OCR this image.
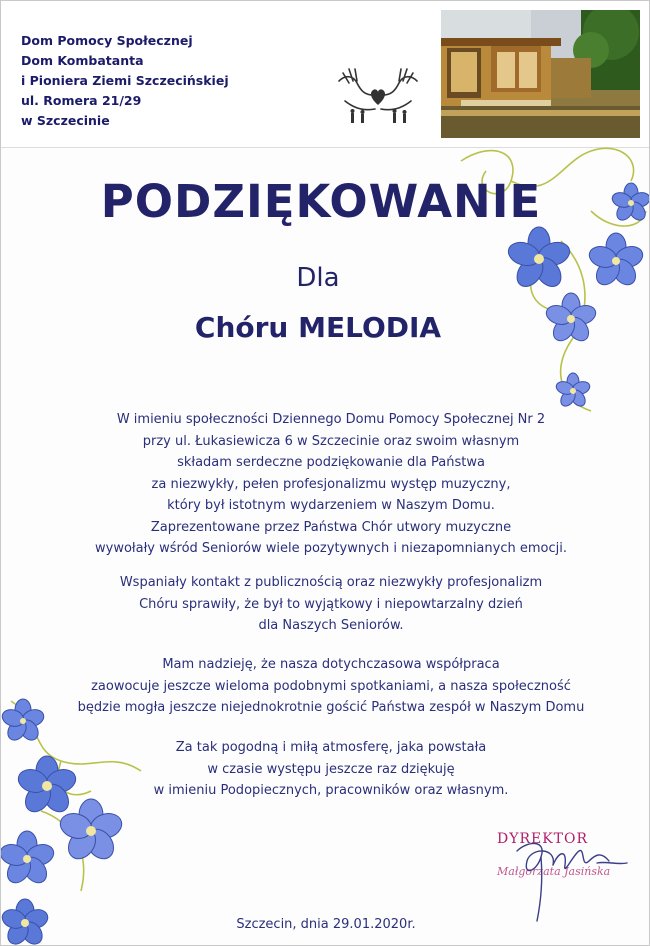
Dom Pomocy Społecznej
Dom Kombatanta
i Pioniera Ziemi Szczecińskiej
ul. Romera 21/29
w Szczecinie
PODZIĘKOWANIE
Dla
Chóru MELODIA
W imieniu społeczności Dziennego Domu Pomocy Społecznej Nr 2
przy ul. Łukasiewicza 6 w Szczecinie oraz swoim własnym
składam serdeczne podziękowanie dla Państwa
za niezwykły, pełen profesjonalizmu występ muzyczny,
który był istotnym wydarzeniem w Naszym Domu.
Zaprezentowane przez Państwa Chór utwory muzyczne
wywołały wśród Seniorów wiele pozytywnych i niezapomnianych emocji.
Wspaniały kontakt z publicznością oraz niezwykły profesjonalizm
Chóru sprawiły, że był to wyjątkowy i niepowtarzalny dzień
dla Naszych Seniorów.
Mam nadzieję, że nasza dotychczasowa współpraca
zaowocuje jeszcze wieloma podobnymi spotkaniami, a nasza społeczność
będzie mogła jeszcze niejednokrotnie gościć Państwa zespół w Naszym Domu
Za tak pogodną i miłą atmosferę, jaka powstała
w czasie występu jeszcze raz dziękuję
w imieniu Podopiecznych, pracowników oraz własnym.
DYREKTOR
Małgorzata Jasińska
Szczecin, dnia 29.01.2020r.
